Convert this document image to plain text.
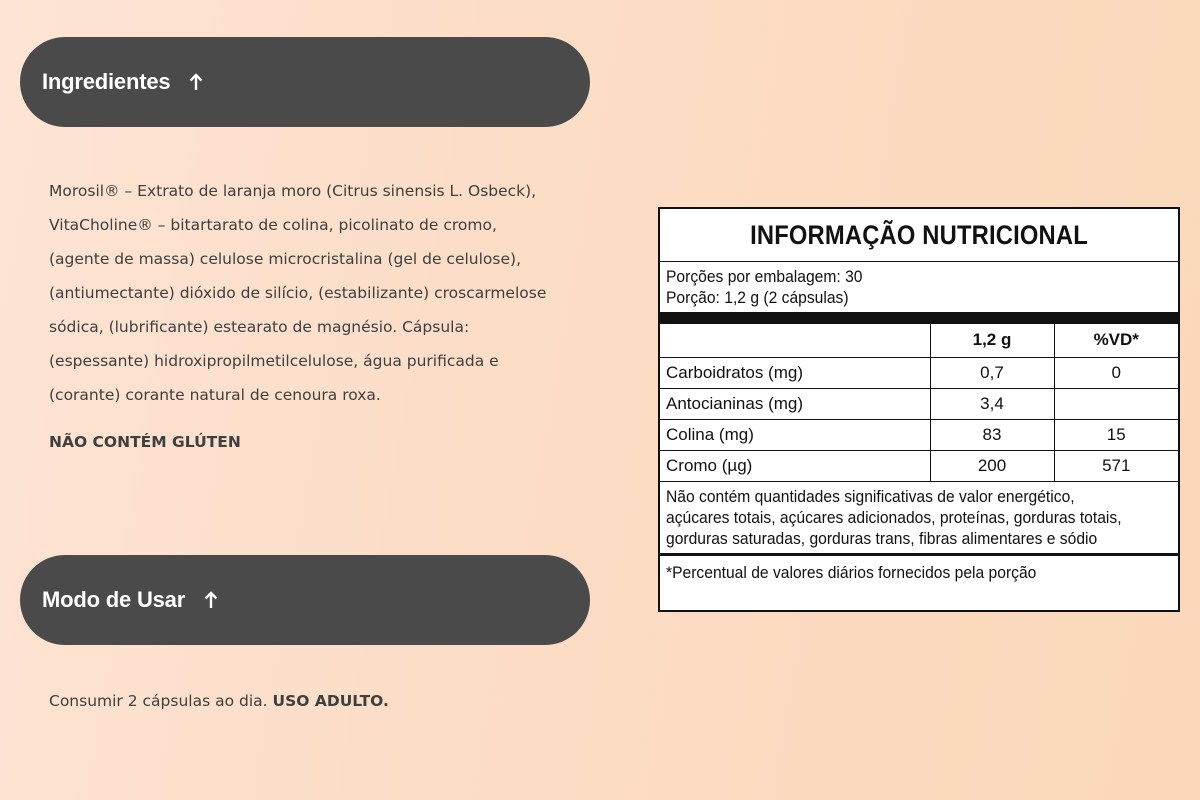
Ingredientes
Morosil® – Extrato de laranja moro (Citrus sinensis L. Osbeck),
VitaCholine® – bitartarato de colina, picolinato de cromo,
(agente de massa) celulose microcristalina (gel de celulose),
(antiumectante) dióxido de silício, (estabilizante) croscarmelose
sódica, (lubrificante) estearato de magnésio. Cápsula:
(espessante) hidroxipropilmetilcelulose, água purificada e
(corante) corante natural de cenoura roxa.
NÃO CONTÉM GLÚTEN
Modo de Usar
Consumir 2 cápsulas ao dia. USO ADULTO.
INFORMAÇÃO NUTRICIONAL
Porções por embalagem: 30
Porção: 1,2 g (2 cápsulas)
	1,2 g	%VD*
Carboidratos (mg)	0,7	0
Antocianinas (mg)	3,4	
Colina (mg)	83	15
Cromo (µg)	200	571
Não contém quantidades significativas de valor energético, açúcares totais, açúcares adicionados, proteínas, gorduras totais, gorduras saturadas, gorduras trans, fibras alimentares e sódio
*Percentual de valores diários fornecidos pela porção
